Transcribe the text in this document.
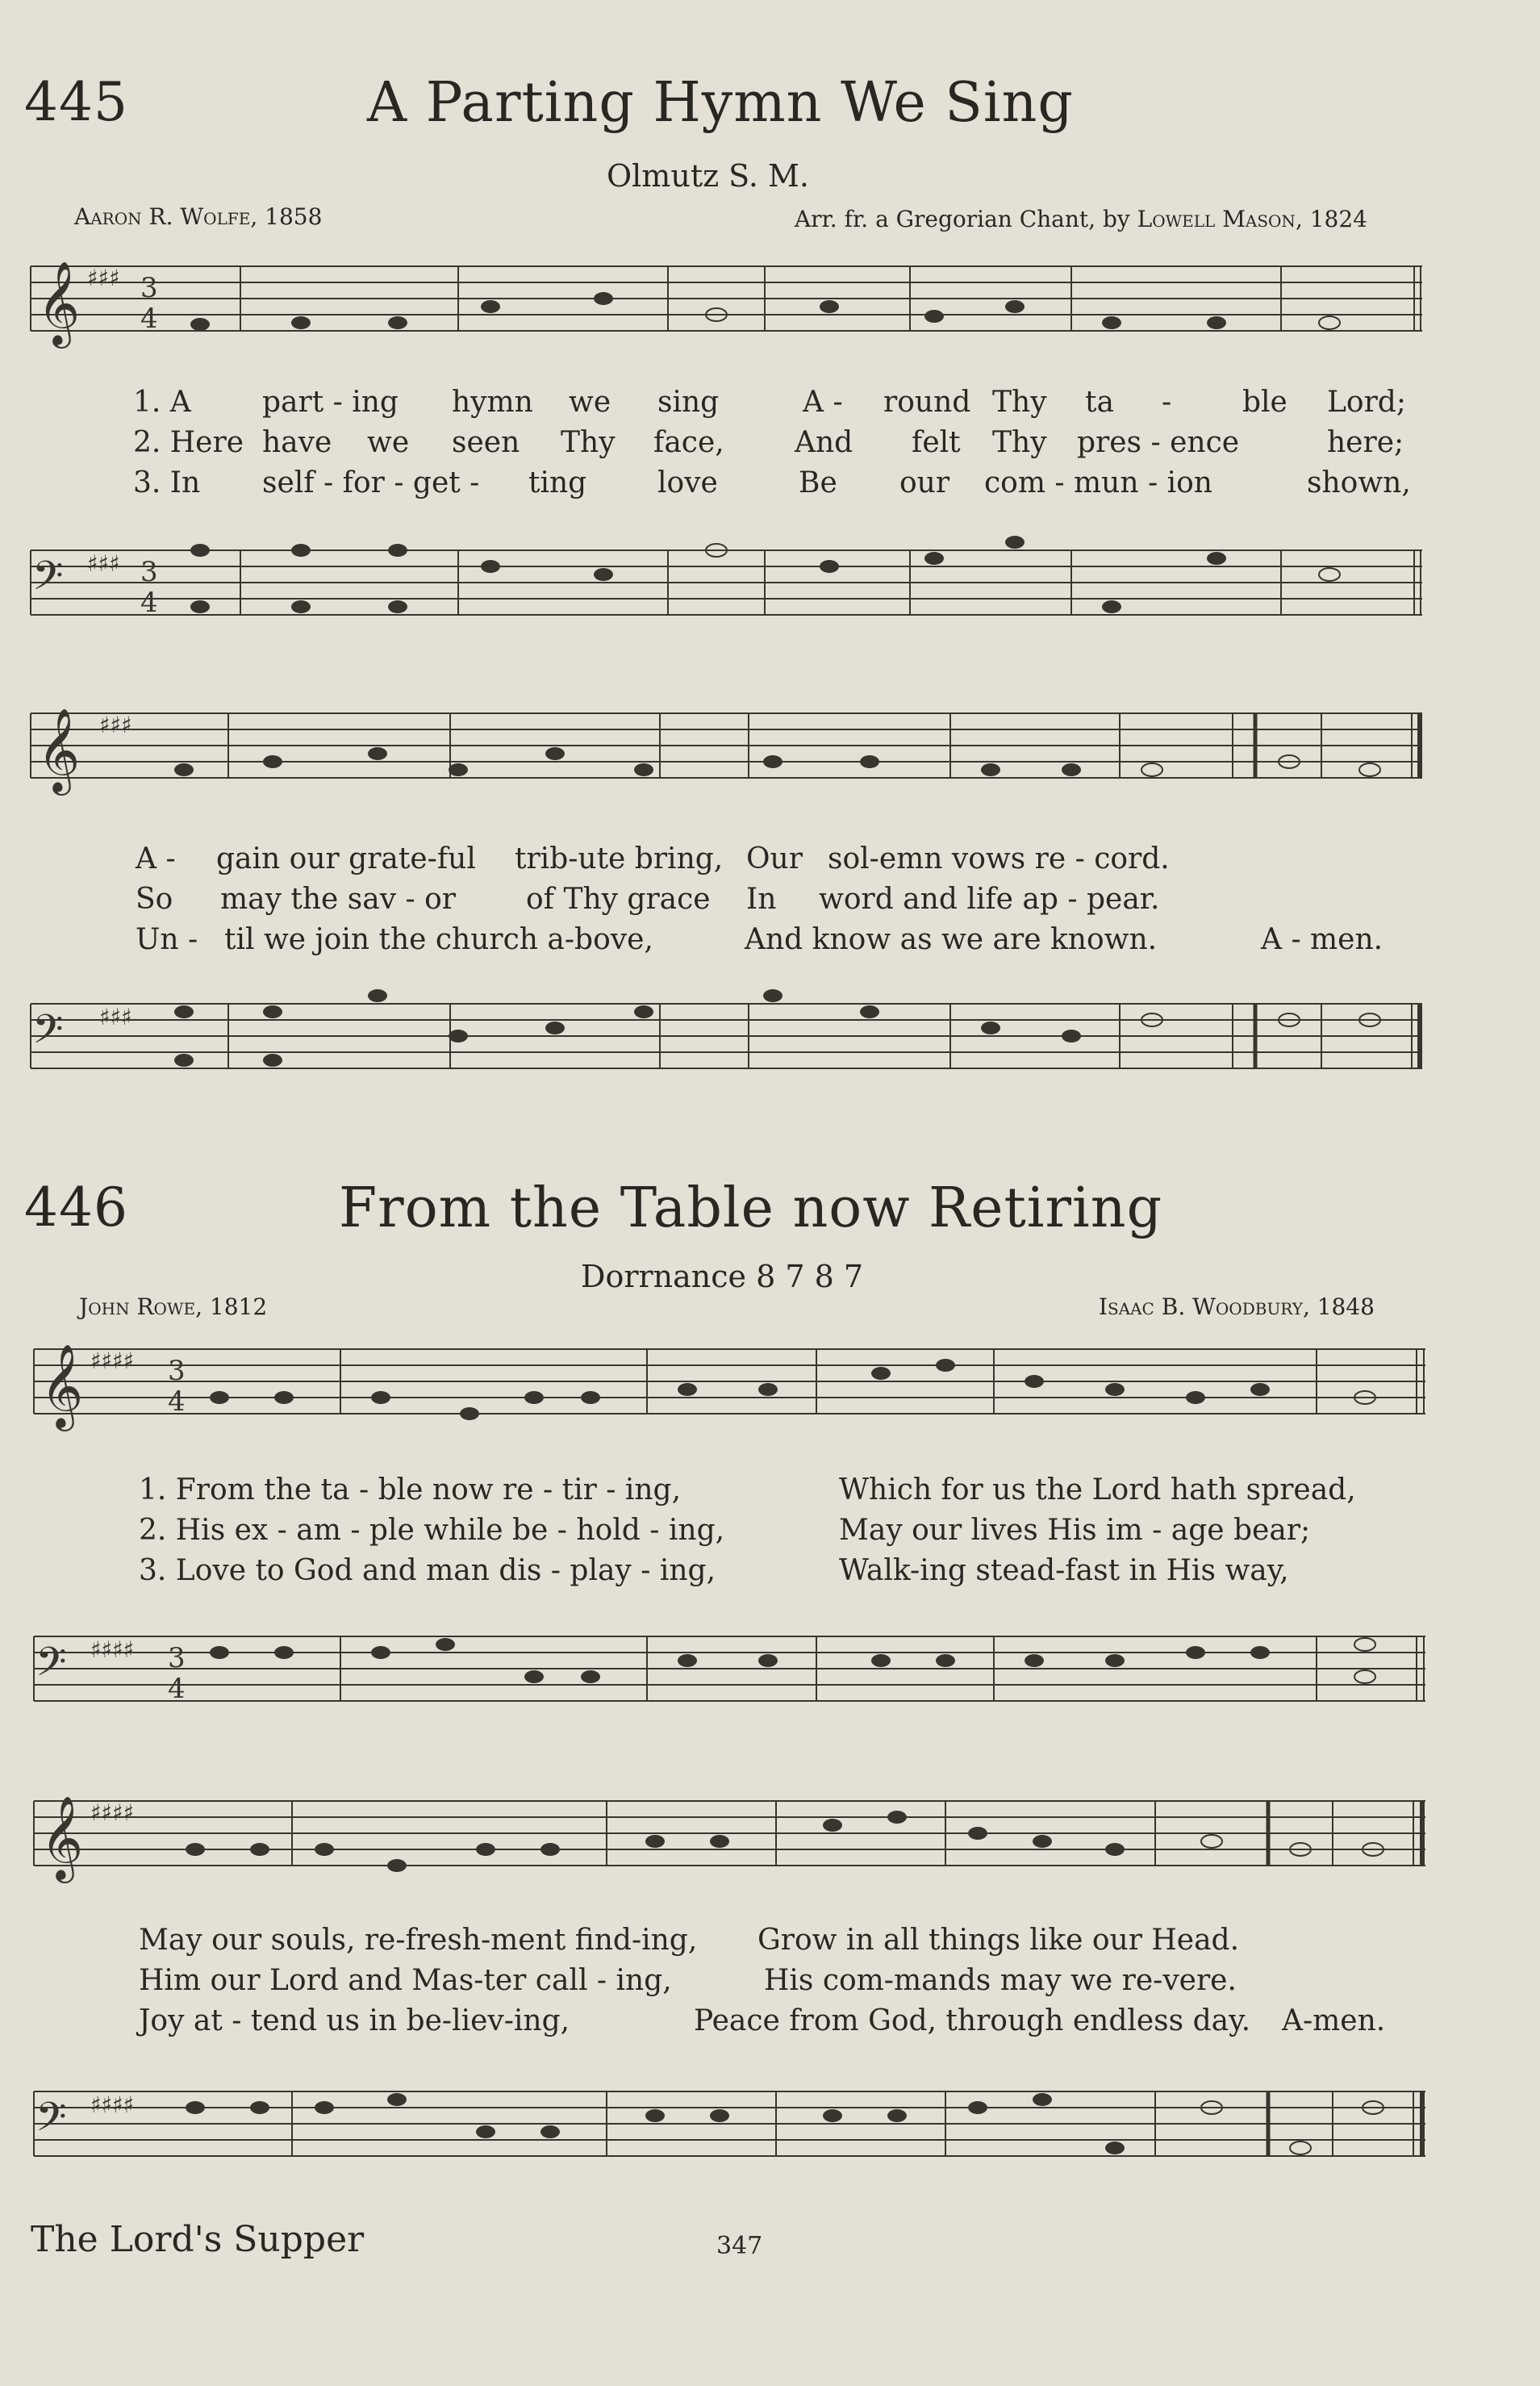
445	A Parting Hymn We Sing
Olmutz S. M.
Aaron R. Wolfe, 1858	Arr. fr. a Gregorian Chant, by Lowell Mason, 1824
𝄞 ♯♯♯ 3
4
1. A part - ing hymn we sing	A - round Thy ta - ble Lord;
2. Here have we seen Thy face, And felt Thy pres - ence	here;
3. In self - for - get - ting love	Be our com - mun - ion	shown,
𝄢 ♯♯♯ 3
4
𝄞 ♯♯♯
A - gain our grate-ful trib-ute bring, Our sol-emn vows re - cord.
So may the sav - or of Thy grace In word and life ap - pear.
Un - til we join the church a-bove,	And know as we are known.	A - men.
𝄢 ♯♯♯
446	From the Table now Retiring
Dorrnance 8 7 8 7
John Rowe, 1812	Isaac B. Woodbury, 1848
𝄞 ♯♯♯♯ 3
4
1. From the ta - ble now re - tir - ing,	Which for us the Lord hath spread,
2. His ex - am - ple while be - hold - ing,	May our lives His im - age bear;
3. Love to God and man dis - play - ing,	Walk-ing stead-fast in His way,
𝄢 ♯♯♯♯ 3
4
𝄞 ♯♯♯♯
May our souls, re-fresh-ment find-ing, Grow in all things like our Head.
Him our Lord and Mas-ter call - ing,	His com-mands may we re-vere.
Joy at - tend us in be-liev-ing,	Peace from God, through endless day. A-men.
𝄢 ♯♯♯♯
The Lord's Supper	347
